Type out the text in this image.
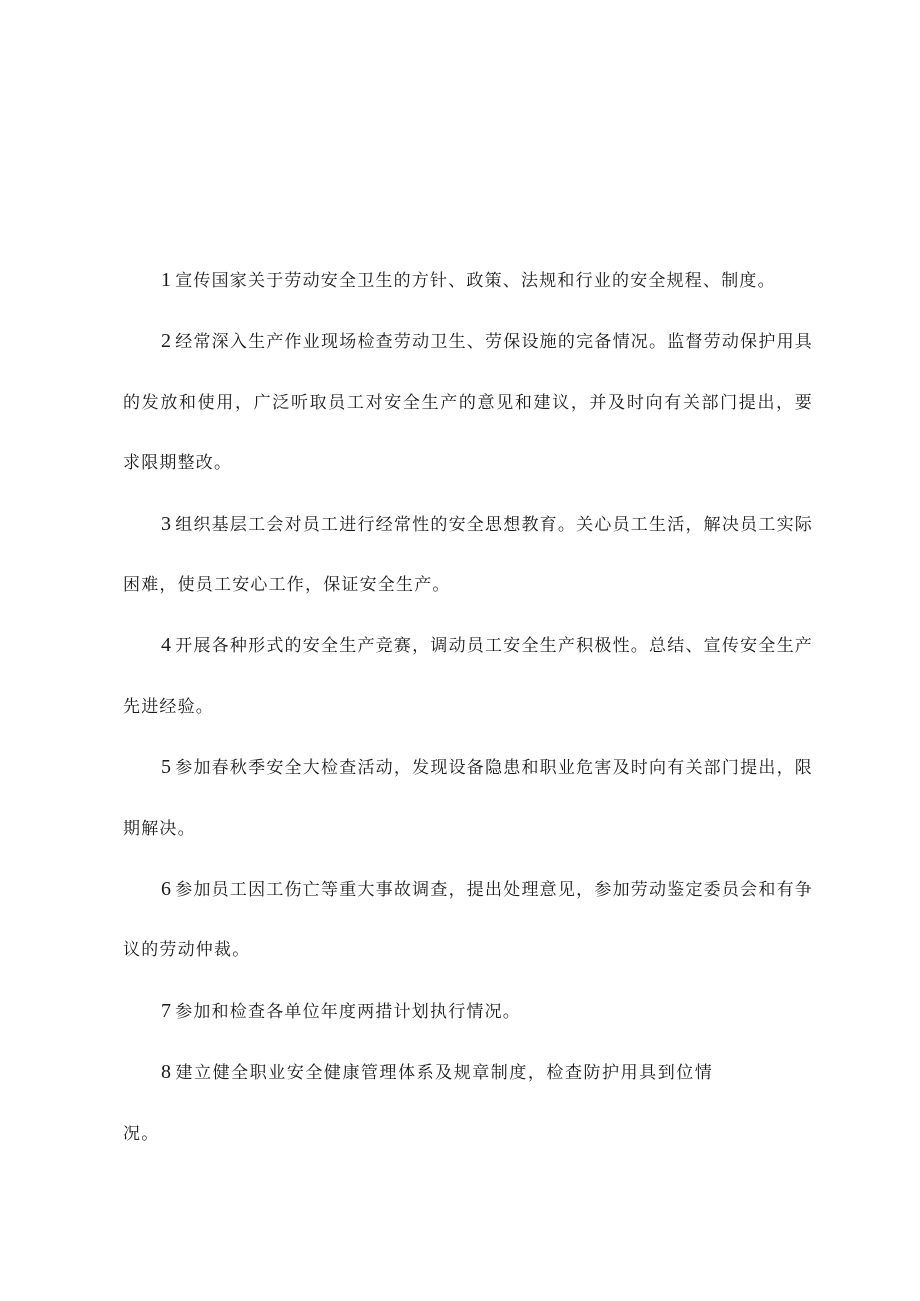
1 宣传国家关于劳动安全卫生的方针、政策、法规和行业的安全规程、制度。

2 经常深入生产作业现场检查劳动卫生、劳保设施的完备情况。监督劳动保护用具的发放和使用，广泛听取员工对安全生产的意见和建议，并及时向有关部门提出，要求限期整改。

3 组织基层工会对员工进行经常性的安全思想教育。关心员工生活，解决员工实际困难，使员工安心工作，保证安全生产。

4 开展各种形式的安全生产竞赛，调动员工安全生产积极性。总结、宣传安全生产先进经验。

5 参加春秋季安全大检查活动，发现设备隐患和职业危害及时向有关部门提出，限期解决。

6 参加员工因工伤亡等重大事故调查，提出处理意见，参加劳动鉴定委员会和有争议的劳动仲裁。

7 参加和检查各单位年度两措计划执行情况。

8 建立健全职业安全健康管理体系及规章制度，检查防护用具到位情况。
